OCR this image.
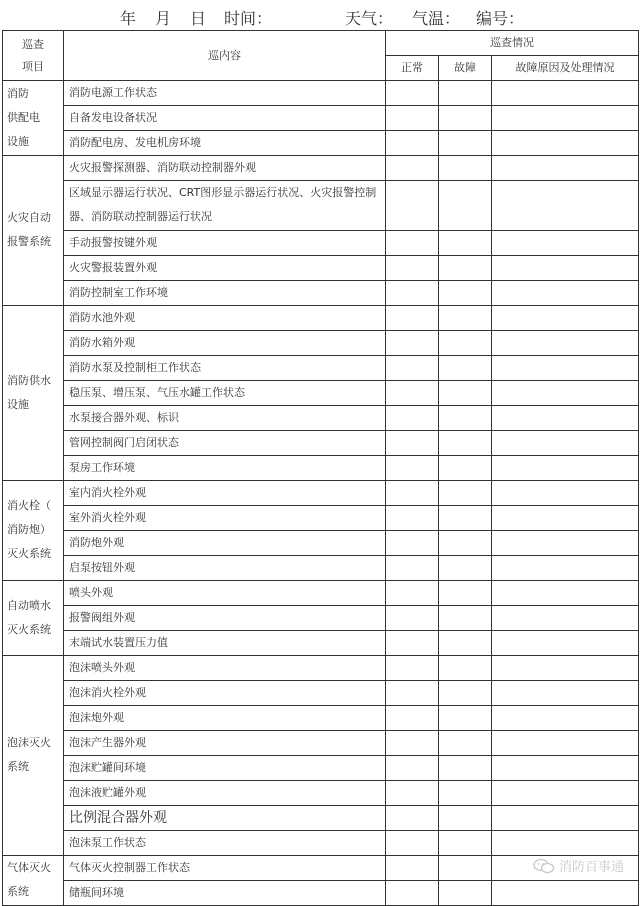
年 月 日 时间：	天气： 气温： 编号：
巡查
项目	巡内容	巡查情况		
		正常	故障	故障原因及处理情况
消防
供配电
设施	消防电源工作状态			
	自备发电设备状况			
	消防配电房、发电机房环境			
火灾自动
报警系统	火灾报警探测器、消防联动控制器外观			
	区域显示器运行状况、CRT图形显示器运行状况、火灾报警控制器、消防联动控制器运行状况			
	手动报警按键外观			
	火灾警报装置外观			
	消防控制室工作环境			
消防供水
设施	消防水池外观			
	消防水箱外观			
	消防水泵及控制柜工作状态			
	稳压泵、增压泵、气压水罐工作状态			
	水泵接合器外观、标识			
	管网控制阀门启闭状态			
	泵房工作环境			
消火栓（
消防炮）
灭火系统	室内消火栓外观			
	室外消火栓外观			
	消防炮外观			
	启泵按钮外观			
自动喷水
灭火系统	喷头外观			
	报警阀组外观			
	末端试水装置压力值			
泡沫灭火
系统	泡沫喷头外观			
	泡沫消火栓外观			
	泡沫炮外观			
	泡沫产生器外观			
	泡沫贮罐间环境			
	泡沫液贮罐外观			
	比例混合器外观			
	泡沫泵工作状态			
气体灭火
系统	气体灭火控制器工作状态			
	储瓶间环境			
消防百事通
